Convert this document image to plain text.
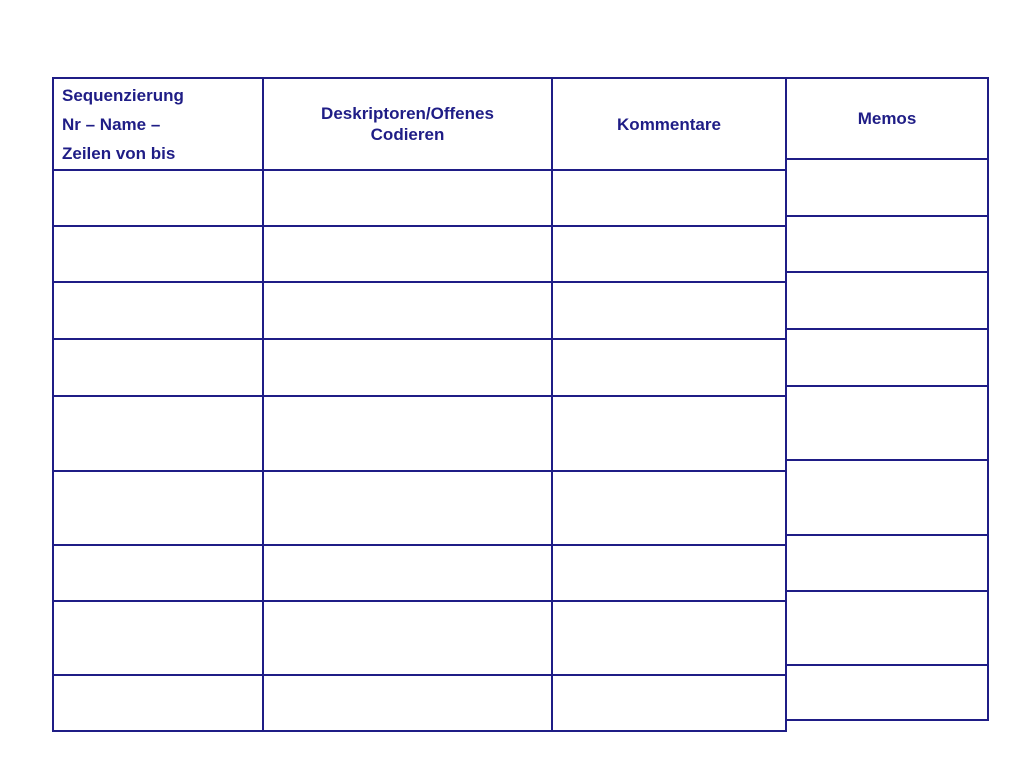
Sequenzierung
Nr – Name –
Zeilen von bis
Deskriptoren/Offenes
Codieren
Kommentare	Memos
